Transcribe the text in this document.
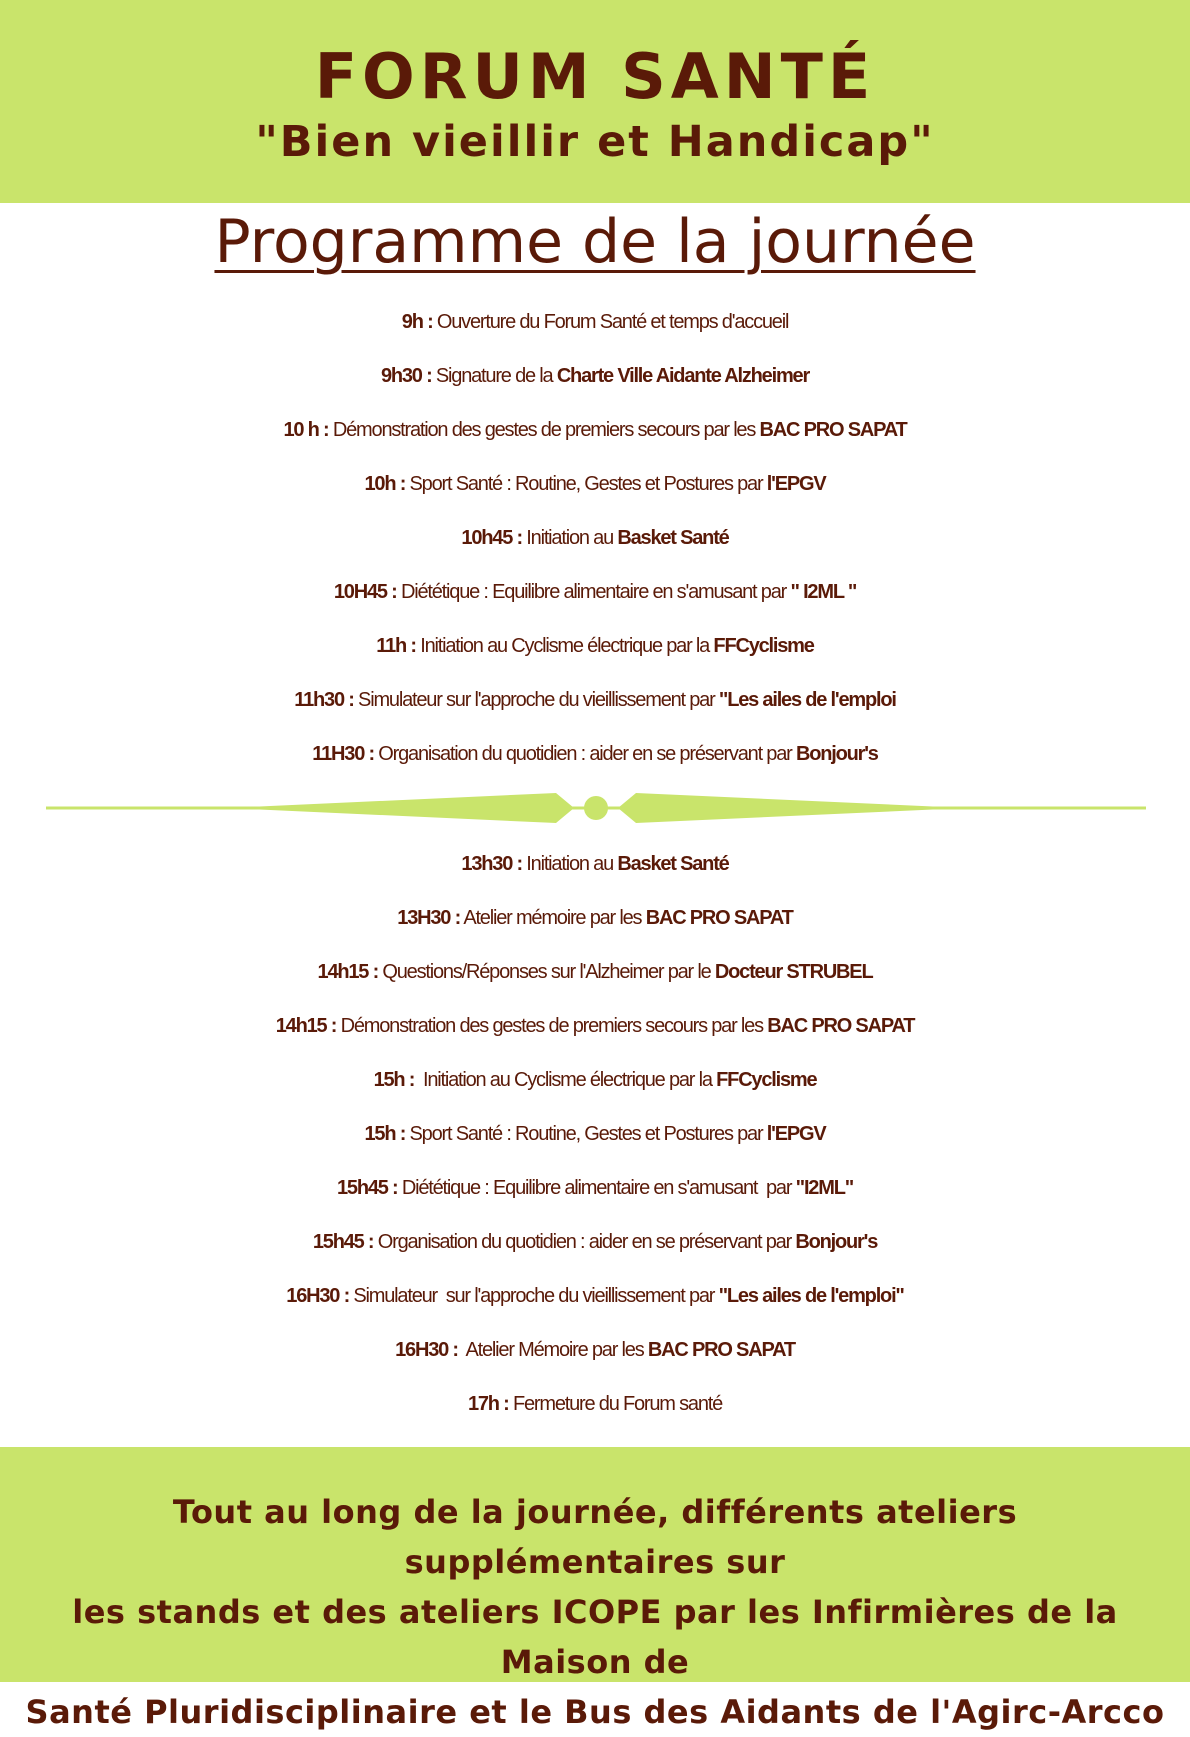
FORUM SANTÉ
"Bien vieillir et Handicap"
Programme de la journée
9h : Ouverture du Forum Santé et temps d'accueil
9h30 : Signature de la Charte Ville Aidante Alzheimer
10 h : Démonstration des gestes de premiers secours par les BAC PRO SAPAT
10h : Sport Santé : Routine, Gestes et Postures par l'EPGV
10h45 : Initiation au Basket Santé
10H45 : Diététique : Equilibre alimentaire en s'amusant par " I2ML "
11h : Initiation au Cyclisme électrique par la FFCyclisme
11h30 : Simulateur sur l'approche du vieillissement par "Les ailes de l'emploi
11H30 : Organisation du quotidien : aider en se préservant par Bonjour's
13h30 : Initiation au Basket Santé
13H30 : Atelier mémoire par les BAC PRO SAPAT
14h15 : Questions/Réponses sur l'Alzheimer par le Docteur STRUBEL
14h15 : Démonstration des gestes de premiers secours par les BAC PRO SAPAT
15h :  Initiation au Cyclisme électrique par la FFCyclisme
15h : Sport Santé : Routine, Gestes et Postures par l'EPGV
15h45 : Diététique : Equilibre alimentaire en s'amusant  par "I2ML"
15h45 : Organisation du quotidien : aider en se préservant par Bonjour's
16H30 : Simulateur  sur l'approche du vieillissement par "Les ailes de l'emploi"
16H30 :  Atelier Mémoire par les BAC PRO SAPAT
17h : Fermeture du Forum santé
Tout au long de la journée, différents ateliers supplémentaires sur
les stands et des ateliers ICOPE par les Infirmières de la Maison de
Santé Pluridisciplinaire et le Bus des Aidants de l'Agirc-Arcco
